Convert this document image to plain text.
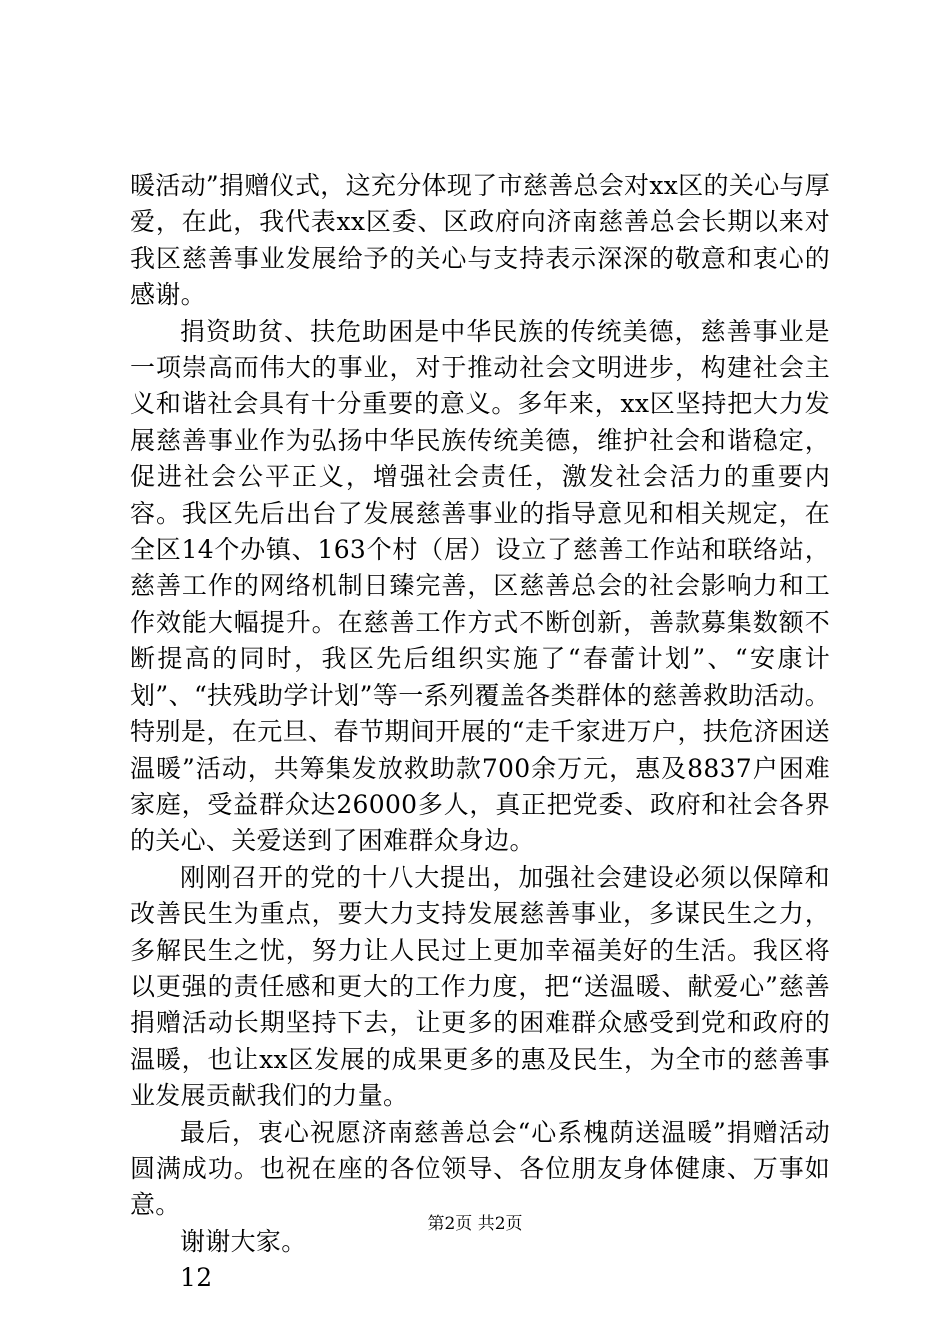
暖活动”捐赠仪式，这充分体现了市慈善总会对xx区的关心与厚爱，在此，我代表xx区委、区政府向济南慈善总会长期以来对我区慈善事业发展给予的关心与支持表示深深的敬意和衷心的感谢。

捐资助贫、扶危助困是中华民族的传统美德，慈善事业是一项崇高而伟大的事业，对于推动社会文明进步，构建社会主义和谐社会具有十分重要的意义。多年来，xx区坚持把大力发展慈善事业作为弘扬中华民族传统美德，维护社会和谐稳定，促进社会公平正义，增强社会责任，激发社会活力的重要内容。我区先后出台了发展慈善事业的指导意见和相关规定，在全区14个办镇、163个村（居）设立了慈善工作站和联络站，慈善工作的网络机制日臻完善，区慈善总会的社会影响力和工作效能大幅提升。在慈善工作方式不断创新，善款募集数额不断提高的同时，我区先后组织实施了“春蕾计划”、“安康计划”、“扶残助学计划”等一系列覆盖各类群体的慈善救助活动。特别是，在元旦、春节期间开展的“走千家进万户，扶危济困送温暖”活动，共筹集发放救助款700余万元，惠及8837户困难家庭，受益群众达26000多人，真正把党委、政府和社会各界的关心、关爱送到了困难群众身边。

刚刚召开的党的十八大提出，加强社会建设必须以保障和改善民生为重点，要大力支持发展慈善事业，多谋民生之力，多解民生之忧，努力让人民过上更加幸福美好的生活。我区将以更强的责任感和更大的工作力度，把“送温暖、献爱心”慈善捐赠活动长期坚持下去，让更多的困难群众感受到党和政府的温暖，也让xx区发展的成果更多的惠及民生，为全市的慈善事业发展贡献我们的力量。

最后，衷心祝愿济南慈善总会“心系槐荫送温暖”捐赠活动圆满成功。也祝在座的各位领导、各位朋友身体健康、万事如意。

谢谢大家。

12

第2页 共2页
